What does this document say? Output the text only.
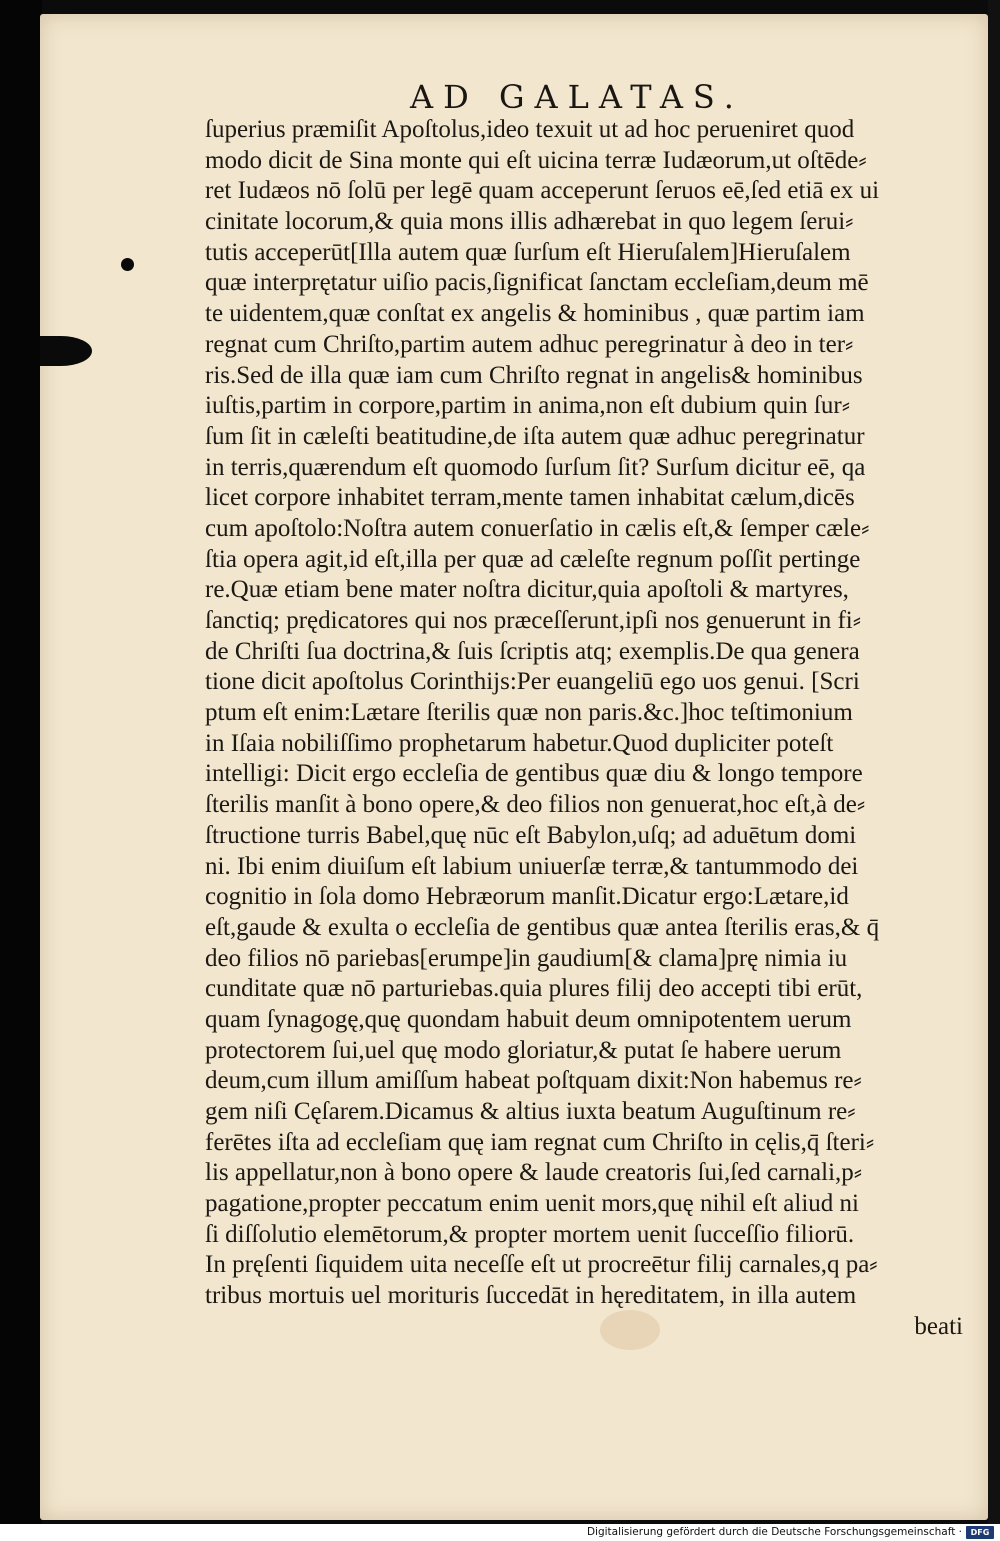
AD GALATAS.
ſuperius præmiſit Apoſtolus,ideo texuit ut ad hoc perueniret quod
modo dicit de Sina monte qui eſt uicina terræ Iudæorum,ut oſtēde⸗
ret Iudæos nō ſolū per legē quam acceperunt ſeruos eē,ſed etiā ex ui
cinitate locorum,& quia mons illis adhærebat in quo legem ſerui⸗
tutis acceperūt[Illa autem quæ ſurſum eſt Hieruſalem]Hieruſalem
quæ interprętatur uiſio pacis,ſignificat ſanctam eccleſiam,deum mē
te uidentem,quæ conſtat ex angelis & hominibus , quæ partim iam
regnat cum Chriſto,partim autem adhuc peregrinatur à deo in ter⸗
ris.Sed de illa quæ iam cum Chriſto regnat in angelis& hominibus
iuſtis,partim in corpore,partim in anima,non eſt dubium quin ſur⸗
ſum ſit in cæleſti beatitudine,de iſta autem quæ adhuc peregrinatur
in terris,quærendum eſt quomodo ſurſum ſit? Surſum dicitur eē, qa
licet corpore inhabitet terram,mente tamen inhabitat cælum,dicēs
cum apoſtolo:Noſtra autem conuerſatio in cælis eſt,& ſemper cæle⸗
ſtia opera agit,id eſt,illa per quæ ad cæleſte regnum poſſit pertinge
re.Quæ etiam bene mater noſtra dicitur,quia apoſtoli & martyres,
ſanctiq; prędicatores qui nos præceſſerunt,ipſi nos genuerunt in fi⸗
de Chriſti ſua doctrina,& ſuis ſcriptis atq; exemplis.De qua genera
tione dicit apoſtolus Corinthijs:Per euangeliū ego uos genui. [Scri
ptum eſt enim:Lætare ſterilis quæ non paris.&c.]hoc teſtimonium
in Iſaia nobiliſſimo prophetarum habetur.Quod dupliciter poteſt
intelligi: Dicit ergo eccleſia de gentibus quæ diu & longo tempore
ſterilis manſit à bono opere,& deo filios non genuerat,hoc eſt,à de⸗
ſtructione turris Babel,quę nūc eſt Babylon,uſq; ad aduētum domi
ni. Ibi enim diuiſum eſt labium uniuerſæ terræ,& tantummodo dei
cognitio in ſola domo Hebræorum manſit.Dicatur ergo:Lætare,id
eſt,gaude & exulta o eccleſia de gentibus quæ antea ſterilis eras,& q̄
deo filios nō pariebas[erumpe]in gaudium[& clama]prę nimia iu
cunditate quæ nō parturiebas.quia plures filij deo accepti tibi erūt,
quam ſynagogę,quę quondam habuit deum omnipotentem uerum
protectorem ſui,uel quę modo gloriatur,& putat ſe habere uerum
deum,cum illum amiſſum habeat poſtquam dixit:Non habemus re⸗
gem niſi Cęſarem.Dicamus & altius iuxta beatum Auguſtinum re⸗
ferētes iſta ad eccleſiam quę iam regnat cum Chriſto in cęlis,q̄ ſteri⸗
lis appellatur,non à bono opere & laude creatoris ſui,ſed carnali,p⸗
pagatione,propter peccatum enim uenit mors,quę nihil eſt aliud ni
ſi diſſolutio elemētorum,& propter mortem uenit ſucceſſio filiorū.
In pręſenti ſiquidem uita neceſſe eſt ut procreētur filij carnales,q pa⸗
tribus mortuis uel morituris ſuccedāt in hęreditatem, in illa autem
beati
Digitalisierung gefördert durch die Deutsche Forschungsgemeinschaft ·	DFG
